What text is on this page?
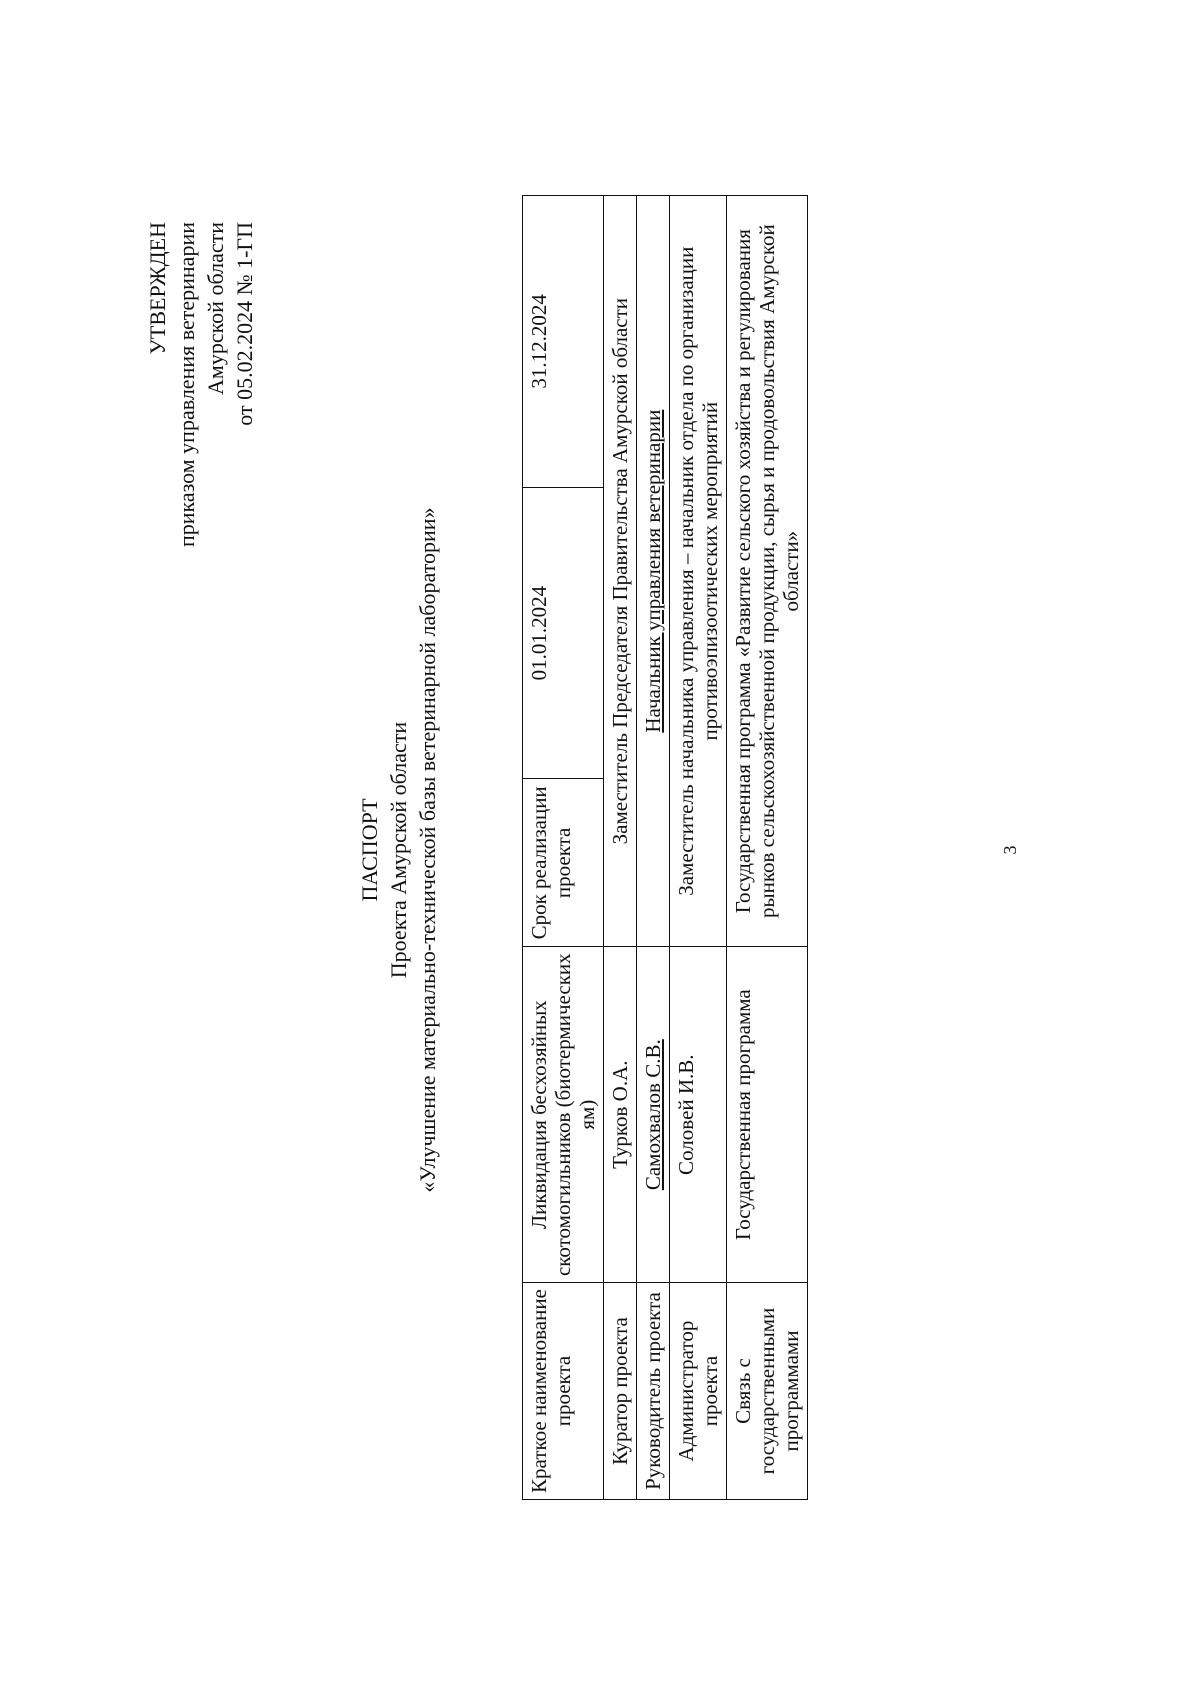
УТВЕРЖДЕН приказом управления ветеринарии Амурской области от 05.02.2024 № 1-ГП
ПАСПОРТ Проекта Амурской области «Улучшение материально-технической базы ветеринарной лаборатории»
Краткое наименование проекта	Ликвидация бесхозяйных скотомогильников (биотермических ям)	Срок реализации проекта	01.01.2024	31.12.2024
Куратор проекта	Турков О.А.	Заместитель Председателя Правительства Амурской области		
Руководитель проекта	Самохвалов С.В.	Начальник управления ветеринарии		
Администратор проекта	Соловей И.В.	Заместитель начальника управления – начальник отдела по организации противоэпизоотических мероприятий		
Связь с государственными программами	Государственная программа	Государственная программа «Развитие сельского хозяйства и регулирования рынков сельскохозяйственной продукции, сырья и продовольствия Амурской области»		
3
